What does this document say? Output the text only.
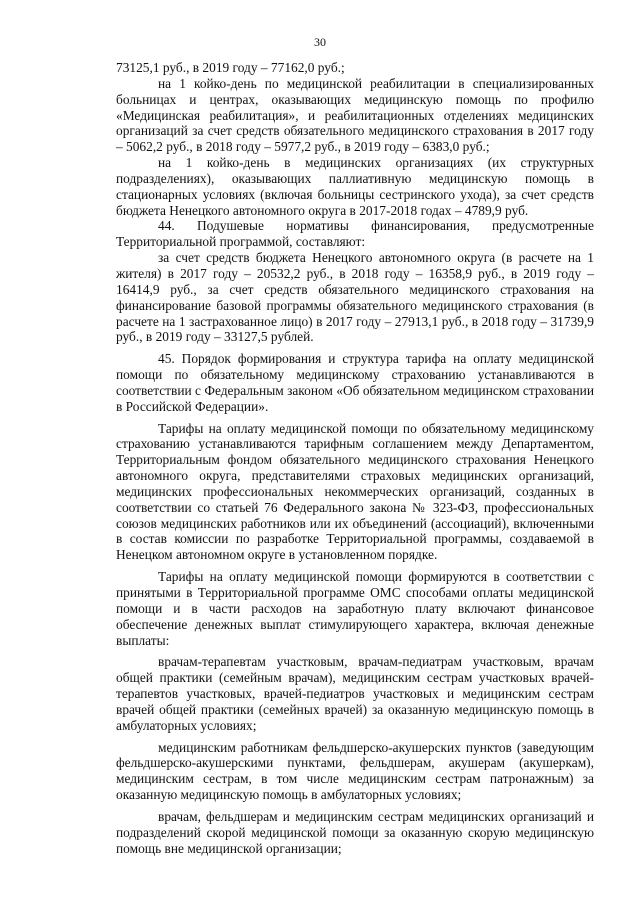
30

73125,1 руб., в 2019 году – 77162,0 руб.;

на 1 койко-день по медицинской реабилитации в специализированных больницах и центрах, оказывающих медицинскую помощь по профилю «Медицинская реабилитация», и реабилитационных отделениях медицинских организаций за счет средств обязательного медицинского страхования в 2017 году – 5062,2 руб., в 2018 году – 5977,2 руб., в 2019 году – 6383,0 руб.;

на 1 койко-день в медицинских организациях (их структурных подразделениях), оказывающих паллиативную медицинскую помощь в стационарных условиях (включая больницы сестринского ухода), за счет средств бюджета Ненецкого автономного округа в 2017-2018 годах – 4789,9 руб.

44. Подушевые нормативы финансирования, предусмотренные Территориальной программой, составляют:

за счет средств бюджета Ненецкого автономного округа (в расчете на 1 жителя) в 2017 году – 20532,2 руб., в 2018 году – 16358,9 руб., в 2019 году – 16414,9 руб., за счет средств обязательного медицинского страхования на финансирование базовой программы обязательного медицинского страхования (в расчете на 1 застрахованное лицо) в 2017 году – 27913,1 руб., в 2018 году – 31739,9 руб., в 2019 году – 33127,5 рублей.

45. Порядок формирования и структура тарифа на оплату медицинской помощи по обязательному медицинскому страхованию устанавливаются в соответствии с Федеральным законом «Об обязательном медицинском страховании в Российской Федерации».

Тарифы на оплату медицинской помощи по обязательному медицинскому страхованию устанавливаются тарифным соглашением между Департаментом, Территориальным фондом обязательного медицинского страхования Ненецкого автономного округа, представителями страховых медицинских организаций, медицинских профессиональных некоммерческих организаций, созданных в соответствии со статьей 76 Федерального закона № 323-ФЗ, профессиональных союзов медицинских работников или их объединений (ассоциаций), включенными в состав комиссии по разработке Территориальной программы, создаваемой в Ненецком автономном округе в установленном порядке.

Тарифы на оплату медицинской помощи формируются в соответствии с принятыми в Территориальной программе ОМС способами оплаты медицинской помощи и в части расходов на заработную плату включают финансовое обеспечение денежных выплат стимулирующего характера, включая денежные выплаты:

врачам-терапевтам участковым, врачам-педиатрам участковым, врачам общей практики (семейным врачам), медицинским сестрам участковых врачей-терапевтов участковых, врачей-педиатров участковых и медицинским сестрам врачей общей практики (семейных врачей) за оказанную медицинскую помощь в амбулаторных условиях;

медицинским работникам фельдшерско-акушерских пунктов (заведующим фельдшерско-акушерскими пунктами, фельдшерам, акушерам (акушеркам), медицинским сестрам, в том числе медицинским сестрам патронажным) за оказанную медицинскую помощь в амбулаторных условиях;

врачам, фельдшерам и медицинским сестрам медицинских организаций и подразделений скорой медицинской помощи за оказанную скорую медицинскую помощь вне медицинской организации;
